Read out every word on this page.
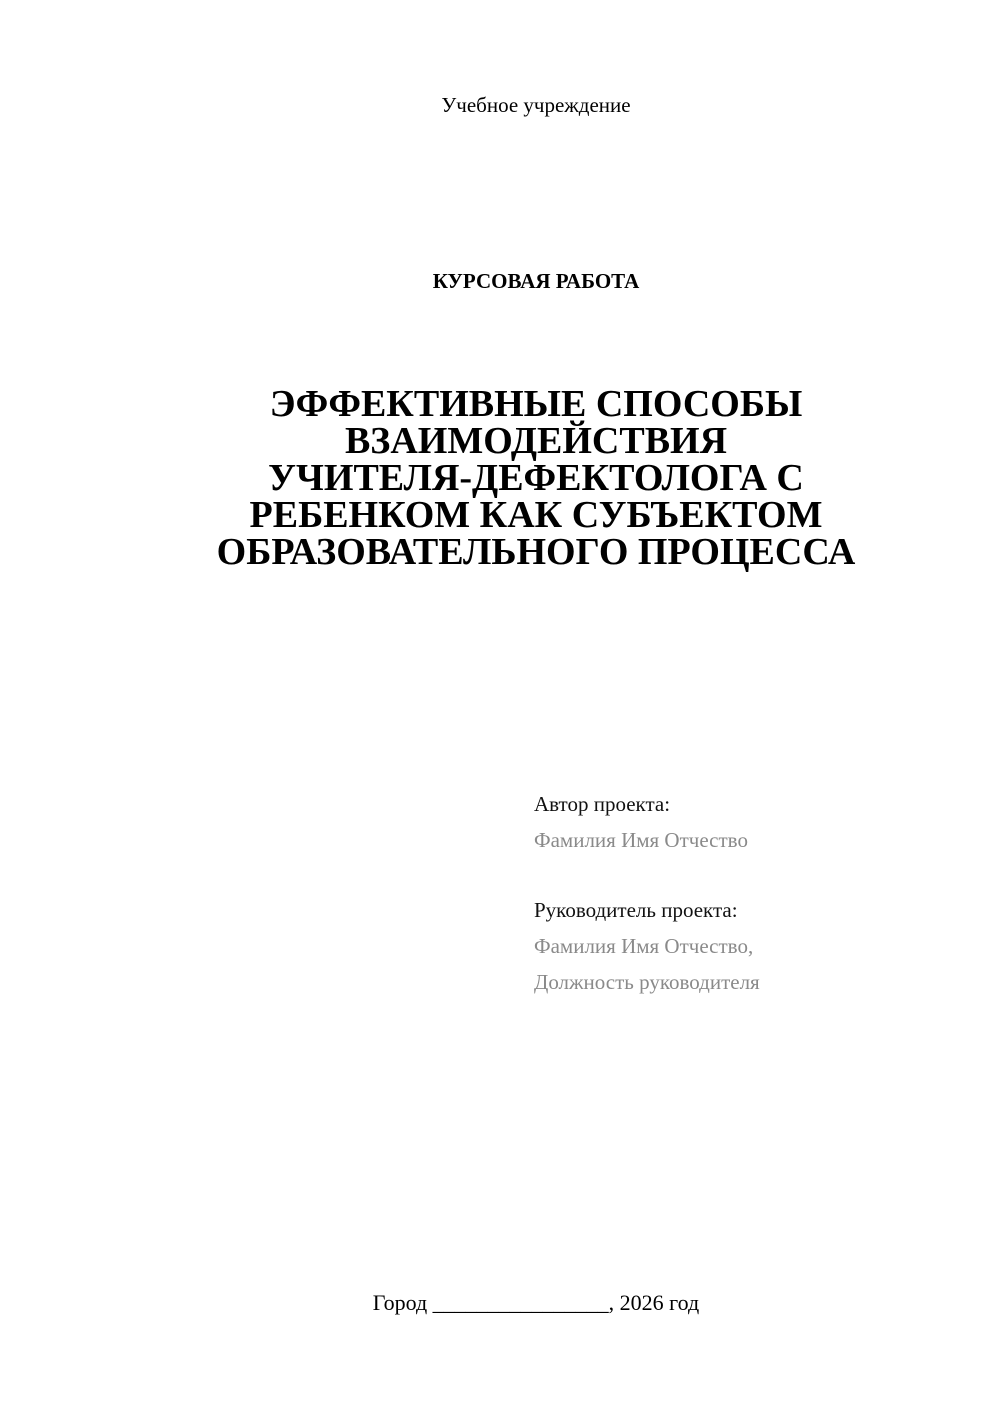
Учебное учреждение
КУРСОВАЯ РАБОТА
ЭФФЕКТИВНЫЕ СПОСОБЫ
ВЗАИМОДЕЙСТВИЯ
УЧИТЕЛЯ-ДЕФЕКТОЛОГА С
РЕБЕНКОМ КАК СУБЪЕКТОМ
ОБРАЗОВАТЕЛЬНОГО ПРОЦЕССА
Автор проекта:
Фамилия Имя Отчество
Руководитель проекта:
Фамилия Имя Отчество,
Должность руководителя
Город ________________, 2026 год
